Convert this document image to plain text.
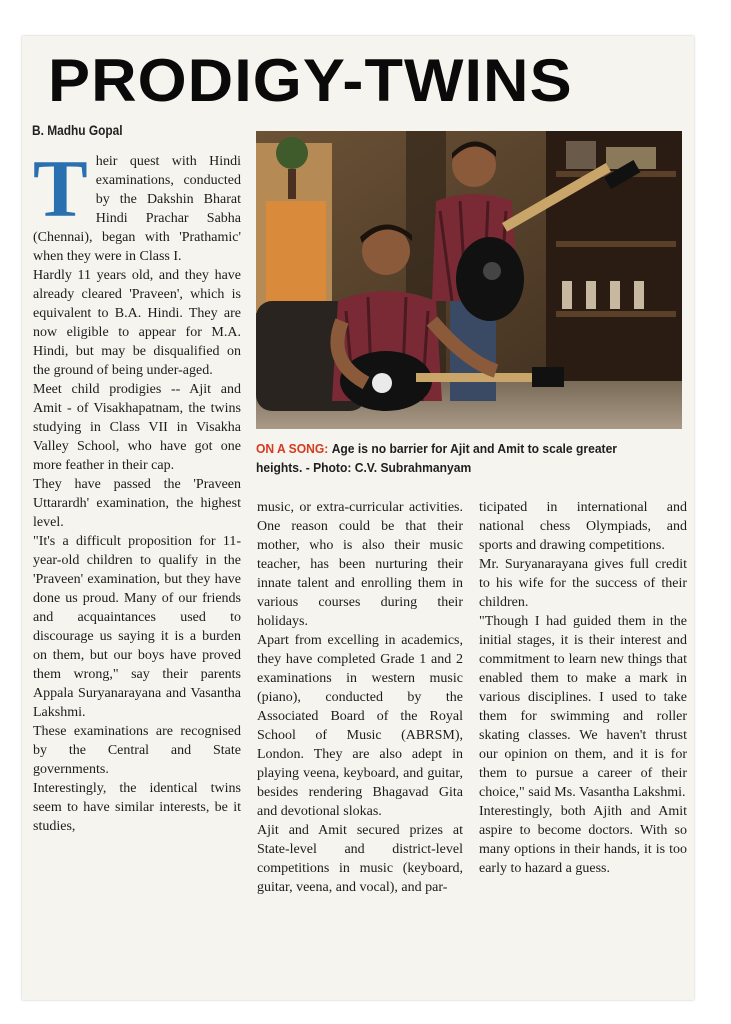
PRODIGY-TWINS
B. Madhu Gopal

Their quest with Hindi examinations, conducted by the Dakshin Bharat Hindi Prachar Sabha (Chennai), began with 'Prathamic' when they were in Class I.

Hardly 11 years old, and they have already cleared 'Praveen', which is equivalent to B.A. Hindi. They are now eligible to appear for M.A. Hindi, but may be disqualified on the ground of being under-aged.

Meet child prodigies -- Ajit and Amit - of Visakhapatnam, the twins studying in Class VII in Visakha Valley School, who have got one more feather in their cap.

They have passed the 'Praveen Uttarardh' examination, the highest level.

"It's a difficult proposition for 11-year-old children to qualify in the 'Praveen' examination, but they have done us proud. Many of our friends and acquaintances used to discourage us saying it is a burden on them, but our boys have proved them wrong," say their parents Appala Suryanarayana and Vasantha Lakshmi.

These examinations are recognised by the Central and State governments.

Interestingly, the identical twins seem to have similar interests, be it studies,

ON A SONG: Age is no barrier for Ajit and Amit to scale greater heights. - Photo: C.V. Subrahmanyam

music, or extra-curricular activities. One reason could be that their mother, who is also their music teacher, has been nurturing their innate talent and enrolling them in various courses during their holidays.

Apart from excelling in academics, they have completed Grade 1 and 2 examinations in western music (piano), conducted by the Associated Board of the Royal School of Music (ABRSM), London. They are also adept in playing veena, keyboard, and guitar, besides rendering Bhagavad Gita and devotional slokas.

Ajit and Amit secured prizes at State-level and district-level competitions in music (keyboard, guitar, veena, and vocal), and par-

ticipated in international and national chess Olympiads, and sports and drawing competitions.

Mr. Suryanarayana gives full credit to his wife for the success of their children.

"Though I had guided them in the initial stages, it is their interest and commitment to learn new things that enabled them to make a mark in various disciplines. I used to take them for swimming and roller skating classes. We haven't thrust our opinion on them, and it is for them to pursue a career of their choice," said Ms. Vasantha Lakshmi.

Interestingly, both Ajith and Amit aspire to become doctors. With so many options in their hands, it is too early to hazard a guess.
